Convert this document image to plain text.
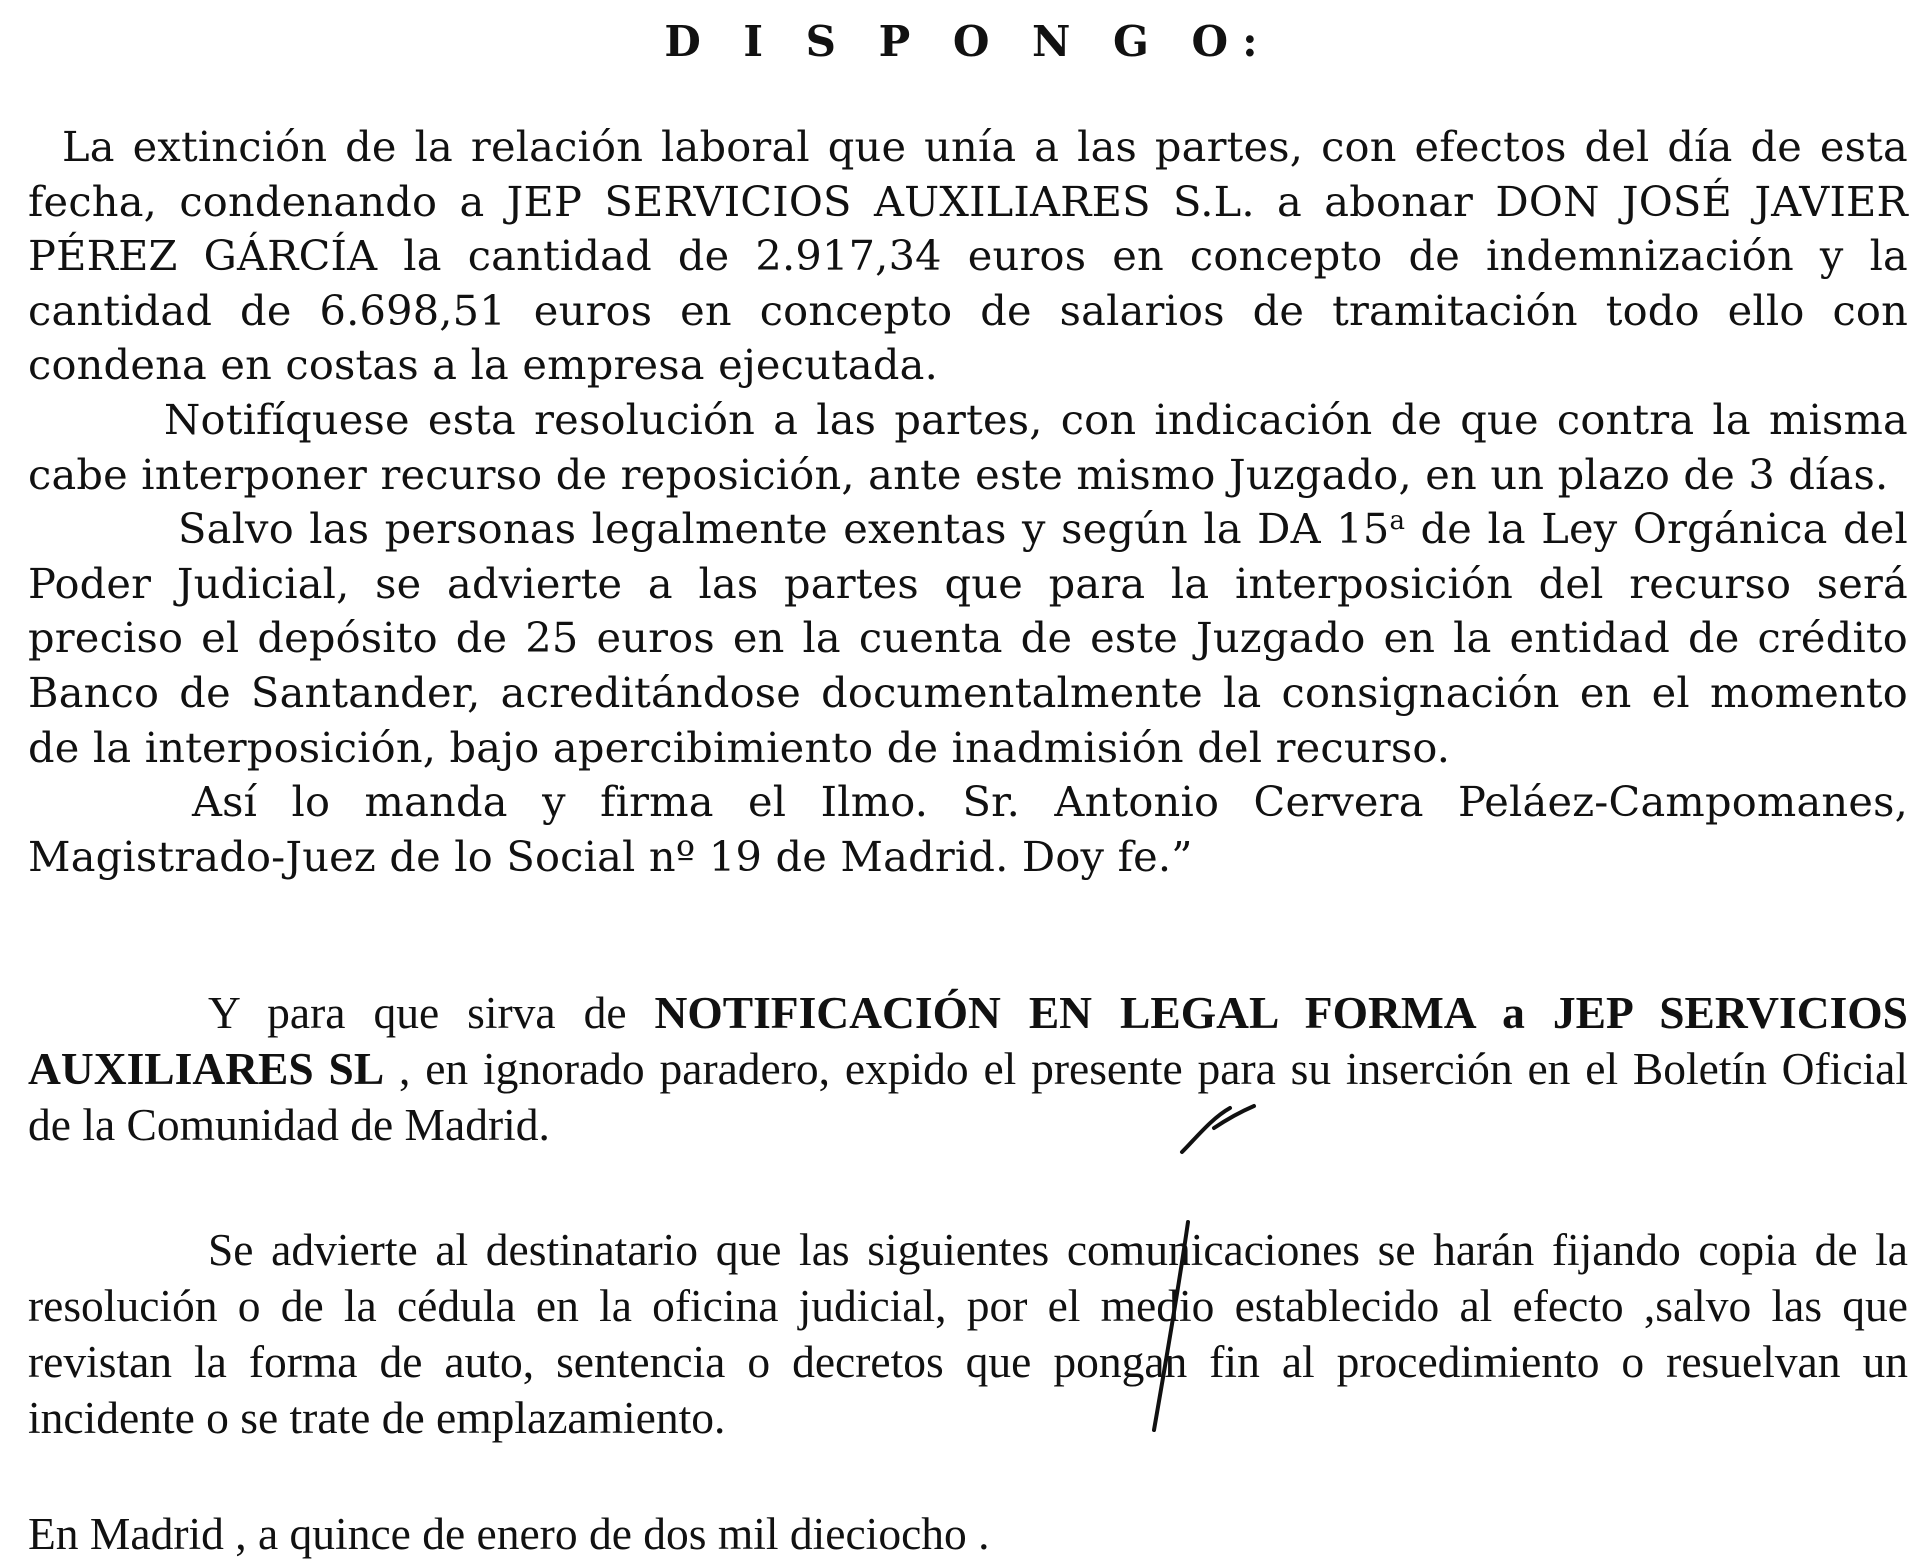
D I S P O N G O:

La extinción de la relación laboral que unía a las partes, con efectos del día de esta fecha, condenando a JEP SERVICIOS AUXILIARES S.L. a abonar DON JOSÉ JAVIER PÉREZ GÁRCÍA la cantidad de 2.917,34 euros en concepto de indemnización y la cantidad de 6.698,51 euros en concepto de salarios de tramitación todo ello con condena en costas a la empresa ejecutada.

Notifíquese esta resolución a las partes, con indicación de que contra la misma cabe interponer recurso de reposición, ante este mismo Juzgado, en un plazo de 3 días.

Salvo las personas legalmente exentas y según la DA 15$^a$ de la Ley Orgánica del Poder Judicial, se advierte a las partes que para la interposición del recurso será preciso el depósito de 25 euros en la cuenta de este Juzgado en la entidad de crédito Banco de Santander, acreditándose documentalmente la consignación en el momento de la interposición, bajo apercibimiento de inadmisión del recurso.

Así lo manda y firma el Ilmo. Sr. Antonio Cervera Peláez-Campomanes, Magistrado-Juez de lo Social nº 19 de Madrid. Doy fe.”

Y para que sirva de NOTIFICACIÓN EN LEGAL FORMA a JEP SERVICIOS AUXILIARES SL , en ignorado paradero, expido el presente para su inserción en el Boletín Oficial de la Comunidad de Madrid.

Se advierte al destinatario que las siguientes comunicaciones se harán fijando copia de la resolución o de la cédula en la oficina judicial, por el medio establecido al efecto ,salvo las que revistan la forma de auto, sentencia o decretos que pongan fin al procedimiento o resuelvan un incidente o se trate de emplazamiento.

En Madrid , a quince de enero de dos mil dieciocho .
